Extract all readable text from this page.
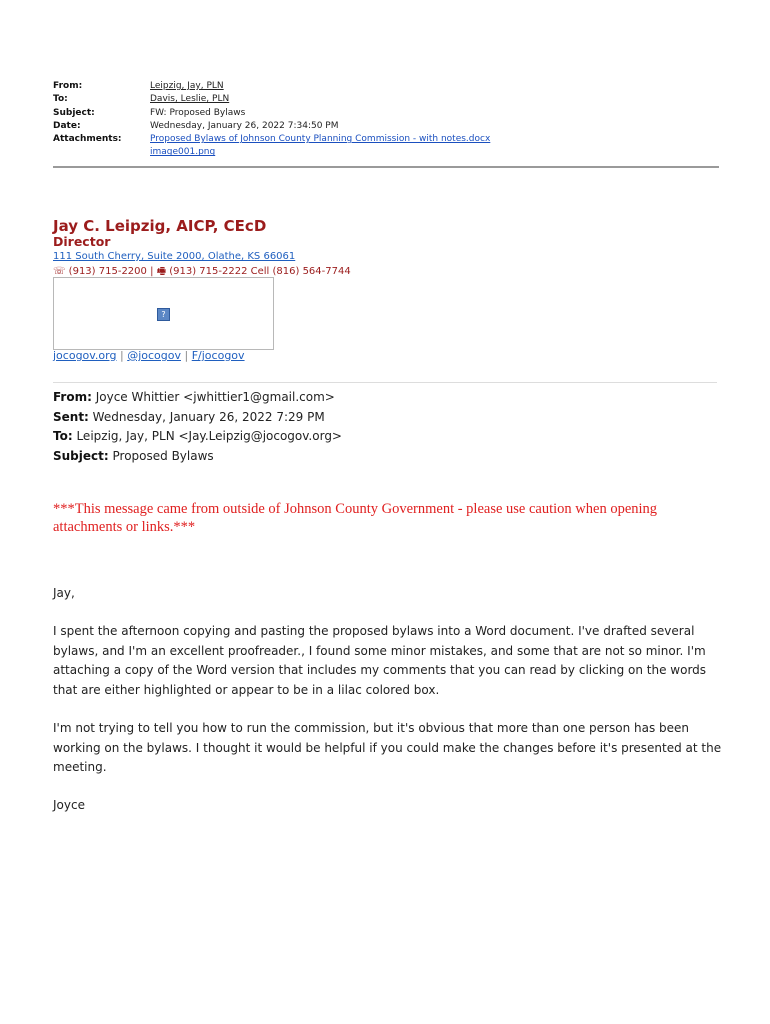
From:	Leipzig, Jay, PLN
To:	Davis, Leslie, PLN
Subject:	FW: Proposed Bylaws
Date:	Wednesday, January 26, 2022 7:34:50 PM
Attachments:	Proposed Bylaws of Johnson County Planning Commission - with notes.docx
image001.png
Jay C. Leipzig, AICP, CEcD
Director
111 South Cherry, Suite 2000, Olathe, KS 66061
☏ (913) 715-2200 | 🖷 (913) 715-2222 Cell (816) 564-7744
?
jocogov.org | @jocogov | F/jocogov
From: Joyce Whittier <jwhittier1@gmail.com>
Sent: Wednesday, January 26, 2022 7:29 PM
To: Leipzig, Jay, PLN <Jay.Leipzig@jocogov.org>
Subject: Proposed Bylaws
***This message came from outside of Johnson County Government - please use caution when opening attachments or links.***
Jay,
I spent the afternoon copying and pasting the proposed bylaws into a Word document. I've drafted several bylaws, and I'm an excellent proofreader., I found some minor mistakes, and some that are not so minor. I'm attaching a copy of the Word version that includes my comments that you can read by clicking on the words that are either highlighted or appear to be in a lilac colored box.
I'm not trying to tell you how to run the commission, but it's obvious that more than one person has been working on the bylaws. I thought it would be helpful if you could make the changes before it's presented at the meeting.
Joyce
